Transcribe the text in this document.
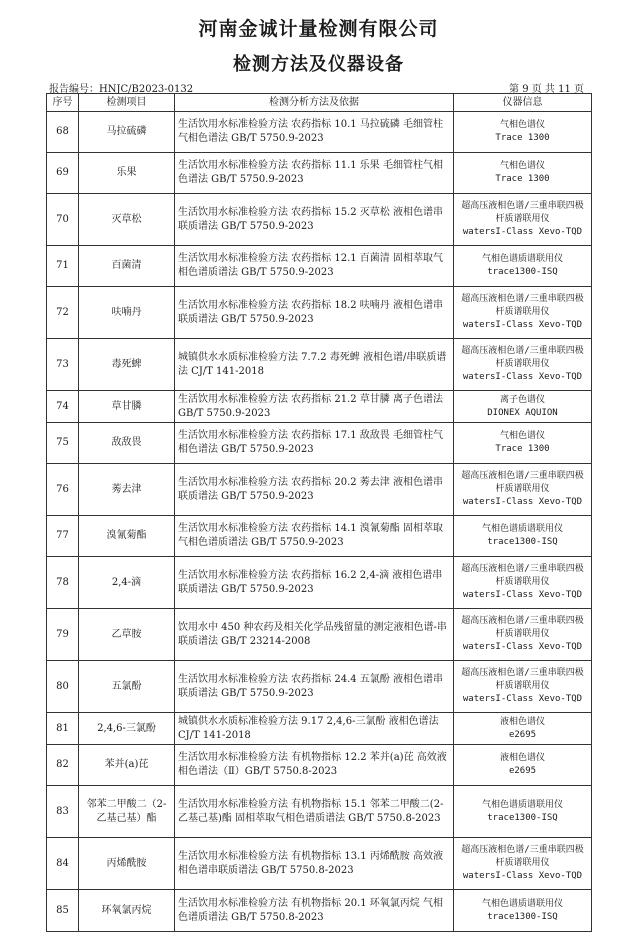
河南金诚计量检测有限公司
检测方法及仪器设备
报告编号：HNJC/B2023-0132	第 9 页 共 11 页
序号	检测项目	检测分析方法及依据	仪器信息
68	马拉硫磷	生活饮用水标准检验方法 农药指标 10.1 马拉硫磷 毛细管柱气相色谱法 GB/T 5750.9-2023	气相色谱仪
Trace 1300
69	乐果	生活饮用水标准检验方法 农药指标 11.1 乐果 毛细管柱气相色谱法 GB/T 5750.9-2023	气相色谱仪
Trace 1300
70	灭草松	生活饮用水标准检验方法 农药指标 15.2 灭草松 液相色谱串联质谱法 GB/T 5750.9-2023	超高压液相色谱/三重串联四极杆质谱联用仪
watersI-Class Xevo-TQD
71	百菌清	生活饮用水标准检验方法 农药指标 12.1 百菌清 固相萃取气相色谱质谱法 GB/T 5750.9-2023	气相色谱质谱联用仪
trace1300-ISQ
72	呋喃丹	生活饮用水标准检验方法 农药指标 18.2 呋喃丹 液相色谱串联质谱法 GB/T 5750.9-2023	超高压液相色谱/三重串联四极杆质谱联用仪
watersI-Class Xevo-TQD
73	毒死蜱	城镇供水水质标准检验方法 7.7.2 毒死蜱 液相色谱/串联质谱法 CJ/T 141-2018	超高压液相色谱/三重串联四极杆质谱联用仪
watersI-Class Xevo-TQD
74	草甘膦	生活饮用水标准检验方法 农药指标 21.2 草甘膦 离子色谱法 GB/T 5750.9-2023	离子色谱仪
DIONEX AQUION
75	敌敌畏	生活饮用水标准检验方法 农药指标 17.1 敌敌畏 毛细管柱气相色谱法 GB/T 5750.9-2023	气相色谱仪
Trace 1300
76	莠去津	生活饮用水标准检验方法 农药指标 20.2 莠去津 液相色谱串联质谱法 GB/T 5750.9-2023	超高压液相色谱/三重串联四极杆质谱联用仪
watersI-Class Xevo-TQD
77	溴氰菊酯	生活饮用水标准检验方法 农药指标 14.1 溴氰菊酯 固相萃取气相色谱质谱法 GB/T 5750.9-2023	气相色谱质谱联用仪
trace1300-ISQ
78	2,4-滴	生活饮用水标准检验方法 农药指标 16.2 2,4-滴 液相色谱串联质谱法 GB/T 5750.9-2023	超高压液相色谱/三重串联四极杆质谱联用仪
watersI-Class Xevo-TQD
79	乙草胺	饮用水中 450 种农药及相关化学品残留量的测定液相色谱-串联质谱法 GB/T 23214-2008	超高压液相色谱/三重串联四极杆质谱联用仪
watersI-Class Xevo-TQD
80	五氯酚	生活饮用水标准检验方法 农药指标 24.4 五氯酚 液相色谱串联质谱法 GB/T 5750.9-2023	超高压液相色谱/三重串联四极杆质谱联用仪
watersI-Class Xevo-TQD
81	2,4,6-三氯酚	城镇供水水质标准检验方法 9.17 2,4,6-三氯酚 液相色谱法 CJ/T 141-2018	液相色谱仪
e2695
82	苯并(a)芘	生活饮用水标准检验方法 有机物指标 12.2 苯并(a)芘 高效液相色谱法（Ⅱ）GB/T 5750.8-2023	液相色谱仪
e2695
83	邻苯二甲酸二（2-乙基己基）酯	生活饮用水标准检验方法 有机物指标 15.1 邻苯二甲酸二(2-乙基己基)酯 固相萃取气相色谱质谱法 GB/T 5750.8-2023	气相色谱质谱联用仪
trace1300-ISQ
84	丙烯酰胺	生活饮用水标准检验方法 有机物指标 13.1 丙烯酰胺 高效液相色谱串联质谱法 GB/T 5750.8-2023	超高压液相色谱/三重串联四极杆质谱联用仪
watersI-Class Xevo-TQD
85	环氧氯丙烷	生活饮用水标准检验方法 有机物指标 20.1 环氧氯丙烷 气相色谱质谱法 GB/T 5750.8-2023	气相色谱质谱联用仪
trace1300-ISQ
